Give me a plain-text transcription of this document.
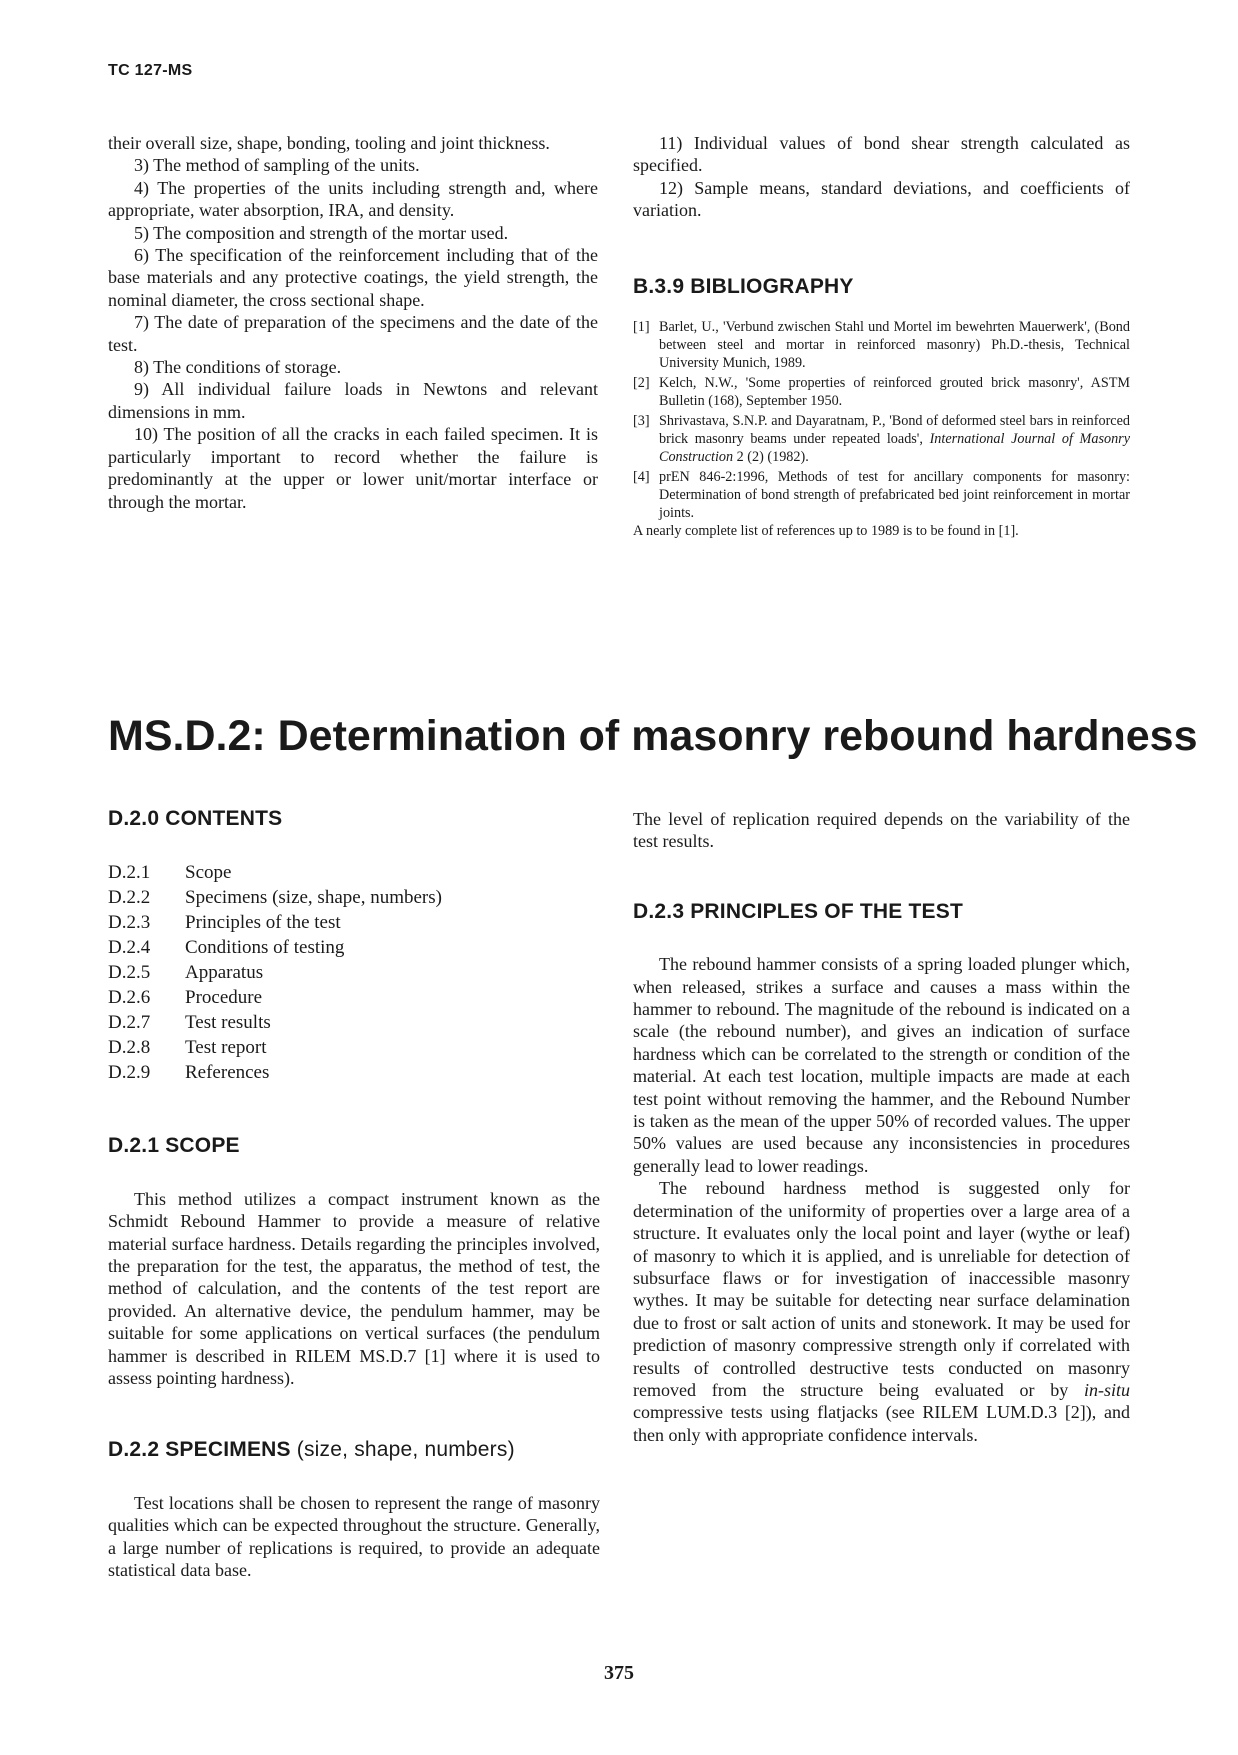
TC 127-MS

their overall size, shape, bonding, tooling and joint thickness.

3) The method of sampling of the units.

4) The properties of the units including strength and, where appropriate, water absorption, IRA, and density.

5) The composition and strength of the mortar used.

6) The specification of the reinforcement including that of the base materials and any protective coatings, the yield strength, the nominal diameter, the cross sectional shape.

7) The date of preparation of the specimens and the date of the test.

8) The conditions of storage.

9) All individual failure loads in Newtons and relevant dimensions in mm.

10) The position of all the cracks in each failed specimen. It is particularly important to record whether the failure is predominantly at the upper or lower unit/mortar interface or through the mortar.

11) Individual values of bond shear strength calculated as specified.

12) Sample means, standard deviations, and coefficients of variation.

B.3.9 BIBLIOGRAPHY
[1] Barlet, U., 'Verbund zwischen Stahl und Mortel im bewehrten Mauerwerk', (Bond between steel and mortar in reinforced masonry) Ph.D.-thesis, Technical University Munich, 1989.
[2] Kelch, N.W., 'Some properties of reinforced grouted brick masonry', ASTM Bulletin (168), September 1950.
[3] Shrivastava, S.N.P. and Dayaratnam, P., 'Bond of deformed steel bars in reinforced brick masonry beams under repeated loads', International Journal of Masonry Construction 2 (2) (1982).
[4] prEN 846-2:1996, Methods of test for ancillary components for masonry: Determination of bond strength of prefabricated bed joint reinforcement in mortar joints.

A nearly complete list of references up to 1989 is to be found in [1].

MS.D.2: Determination of masonry rebound hardness
D.2.0 CONTENTS
D.2.1	Scope
D.2.2	Specimens (size, shape, numbers)
D.2.3	Principles of the test
D.2.4	Conditions of testing
D.2.5	Apparatus
D.2.6	Procedure
D.2.7	Test results
D.2.8	Test report
D.2.9	References
D.2.1 SCOPE

This method utilizes a compact instrument known as the Schmidt Rebound Hammer to provide a measure of relative material surface hardness. Details regarding the principles involved, the preparation for the test, the apparatus, the method of test, the method of calculation, and the contents of the test report are provided. An alternative device, the pendulum hammer, may be suitable for some applications on vertical surfaces (the pendulum hammer is described in RILEM MS.D.7 [1] where it is used to assess pointing hardness).

D.2.2 SPECIMENS (size, shape, numbers)

Test locations shall be chosen to represent the range of masonry qualities which can be expected throughout the structure. Generally, a large number of replications is required, to provide an adequate statistical data base.

The level of replication required depends on the variability of the test results.

D.2.3 PRINCIPLES OF THE TEST

The rebound hammer consists of a spring loaded plunger which, when released, strikes a surface and causes a mass within the hammer to rebound. The magnitude of the rebound is indicated on a scale (the rebound number), and gives an indication of surface hardness which can be correlated to the strength or condition of the material. At each test location, multiple impacts are made at each test point without removing the hammer, and the Rebound Number is taken as the mean of the upper 50% of recorded values. The upper 50% values are used because any inconsistencies in procedures generally lead to lower readings.

The rebound hardness method is suggested only for determination of the uniformity of properties over a large area of a structure. It evaluates only the local point and layer (wythe or leaf) of masonry to which it is applied, and is unreliable for detection of subsurface flaws or for investigation of inaccessible masonry wythes. It may be suitable for detecting near surface delamination due to frost or salt action of units and stonework. It may be used for prediction of masonry compressive strength only if correlated with results of controlled destructive tests conducted on masonry removed from the structure being evaluated or by in-situ compressive tests using flatjacks (see RILEM LUM.D.3 [2]), and then only with appropriate confidence intervals.

375
